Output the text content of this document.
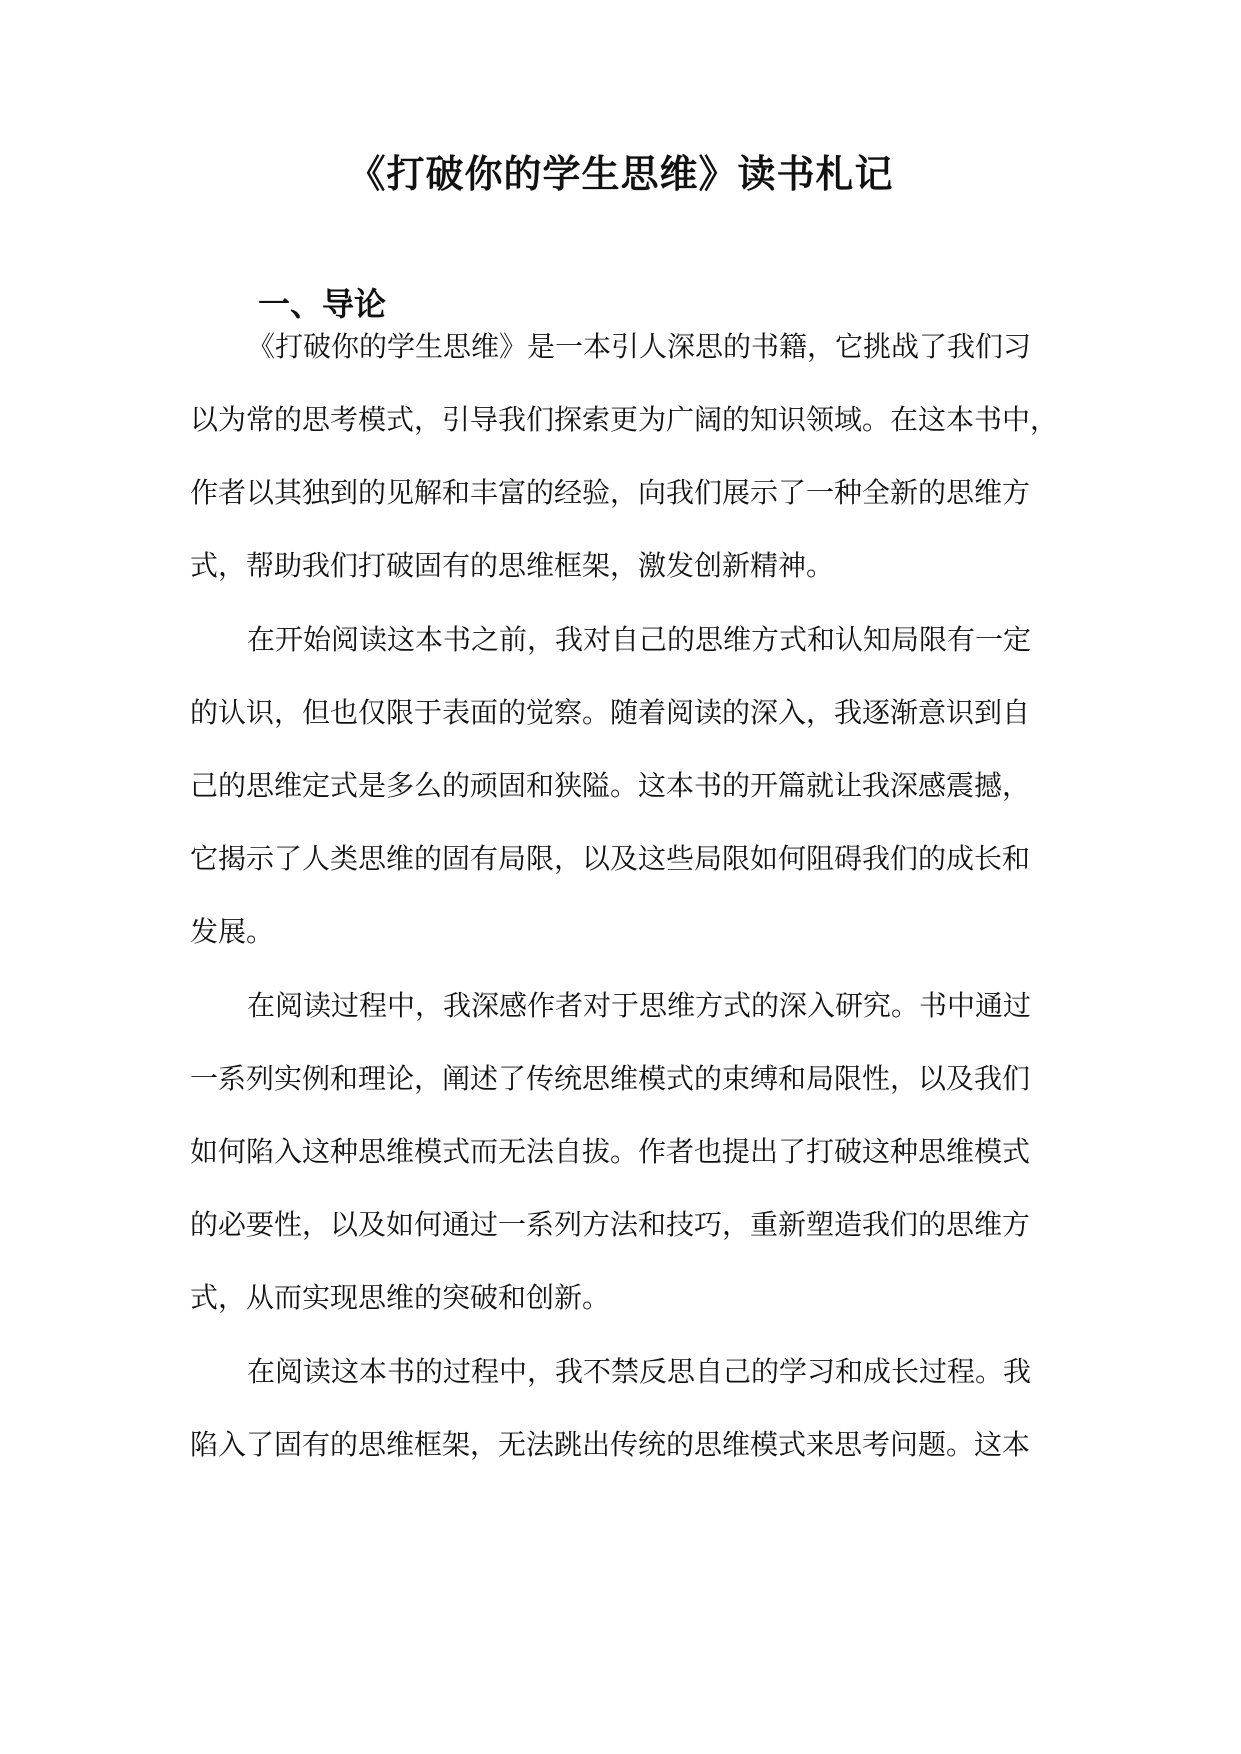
《打破你的学生思维》读书札记
一、导论

《打破你的学生思维》是一本引人深思的书籍，它挑战了我们习

以为常的思考模式，引导我们探索更为广阔的知识领域。在这本书中，

作者以其独到的见解和丰富的经验，向我们展示了一种全新的思维方

式，帮助我们打破固有的思维框架，激发创新精神。

在开始阅读这本书之前，我对自己的思维方式和认知局限有一定

的认识，但也仅限于表面的觉察。随着阅读的深入，我逐渐意识到自

己的思维定式是多么的顽固和狭隘。这本书的开篇就让我深感震撼，

它揭示了人类思维的固有局限，以及这些局限如何阻碍我们的成长和

发展。

在阅读过程中，我深感作者对于思维方式的深入研究。书中通过

一系列实例和理论，阐述了传统思维模式的束缚和局限性，以及我们

如何陷入这种思维模式而无法自拔。作者也提出了打破这种思维模式

的必要性，以及如何通过一系列方法和技巧，重新塑造我们的思维方

式，从而实现思维的突破和创新。

在阅读这本书的过程中，我不禁反思自己的学习和成长过程。我

陷入了固有的思维框架，无法跳出传统的思维模式来思考问题。这本
